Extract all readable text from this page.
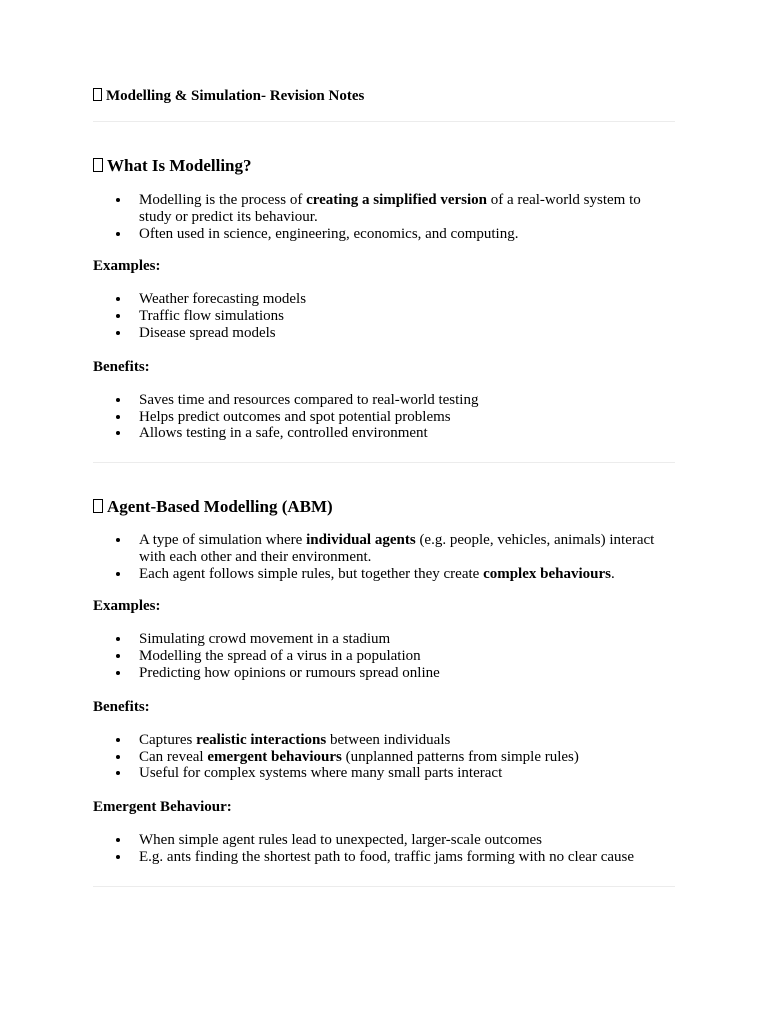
Modelling & Simulation- Revision Notes
What Is Modelling?
Modelling is the process of creating a simplified version of a real-world system to study or predict its behaviour.
Often used in science, engineering, economics, and computing.

Examples:

Weather forecasting models
Traffic flow simulations
Disease spread models

Benefits:

Saves time and resources compared to real-world testing
Helps predict outcomes and spot potential problems
Allows testing in a safe, controlled environment
Agent-Based Modelling (ABM)
A type of simulation where individual agents (e.g. people, vehicles, animals) interact with each other and their environment.
Each agent follows simple rules, but together they create complex behaviours.

Examples:

Simulating crowd movement in a stadium
Modelling the spread of a virus in a population
Predicting how opinions or rumours spread online

Benefits:

Captures realistic interactions between individuals
Can reveal emergent behaviours (unplanned patterns from simple rules)
Useful for complex systems where many small parts interact

Emergent Behaviour:

When simple agent rules lead to unexpected, larger-scale outcomes
E.g. ants finding the shortest path to food, traffic jams forming with no clear cause
